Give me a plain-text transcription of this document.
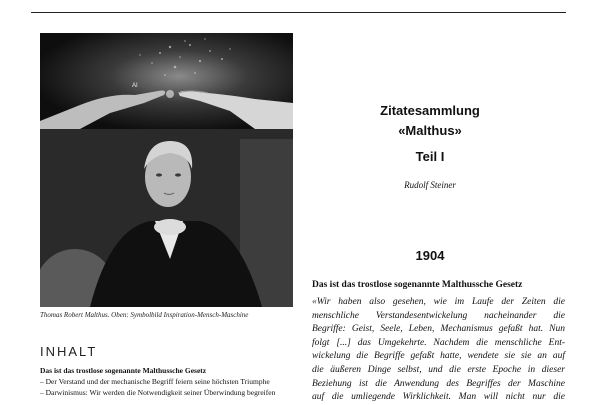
AI
Thomas Robert Malthus. Oben: Symbolbild Inspiration-Mensch-Maschine
INHALT
Das ist das trostlose sogenannte Malthussche Gesetz
– Der Verstand und der mechanische Begriff feiern seine höchsten Triumphe
– Darwinismus: Wir werden die Notwendigkeit seiner Überwindung begreifen
Zitatesammlung
«Malthus»
Teil I
Rudolf Steiner
1904
Das ist das trostlose sogenannte Malthussche Gesetz
«Wir haben also gesehen, wie im Laufe der Zeiten die
menschliche Verstandesentwickelung nacheinander die
Begriffe: Geist, Seele, Leben, Mechanismus gefaßt hat. Nun
folgt [...] das Umgekehrte. Nachdem die menschliche Ent-
wickelung die Begriffe gefaßt hatte, wendete sie sie an auf
die äußeren Dinge selbst, und die erste Epoche in dieser
Beziehung ist die Anwendung des Begriffes der Maschine
auf die umliegende Wirklichkeit. Man will nicht nur die
